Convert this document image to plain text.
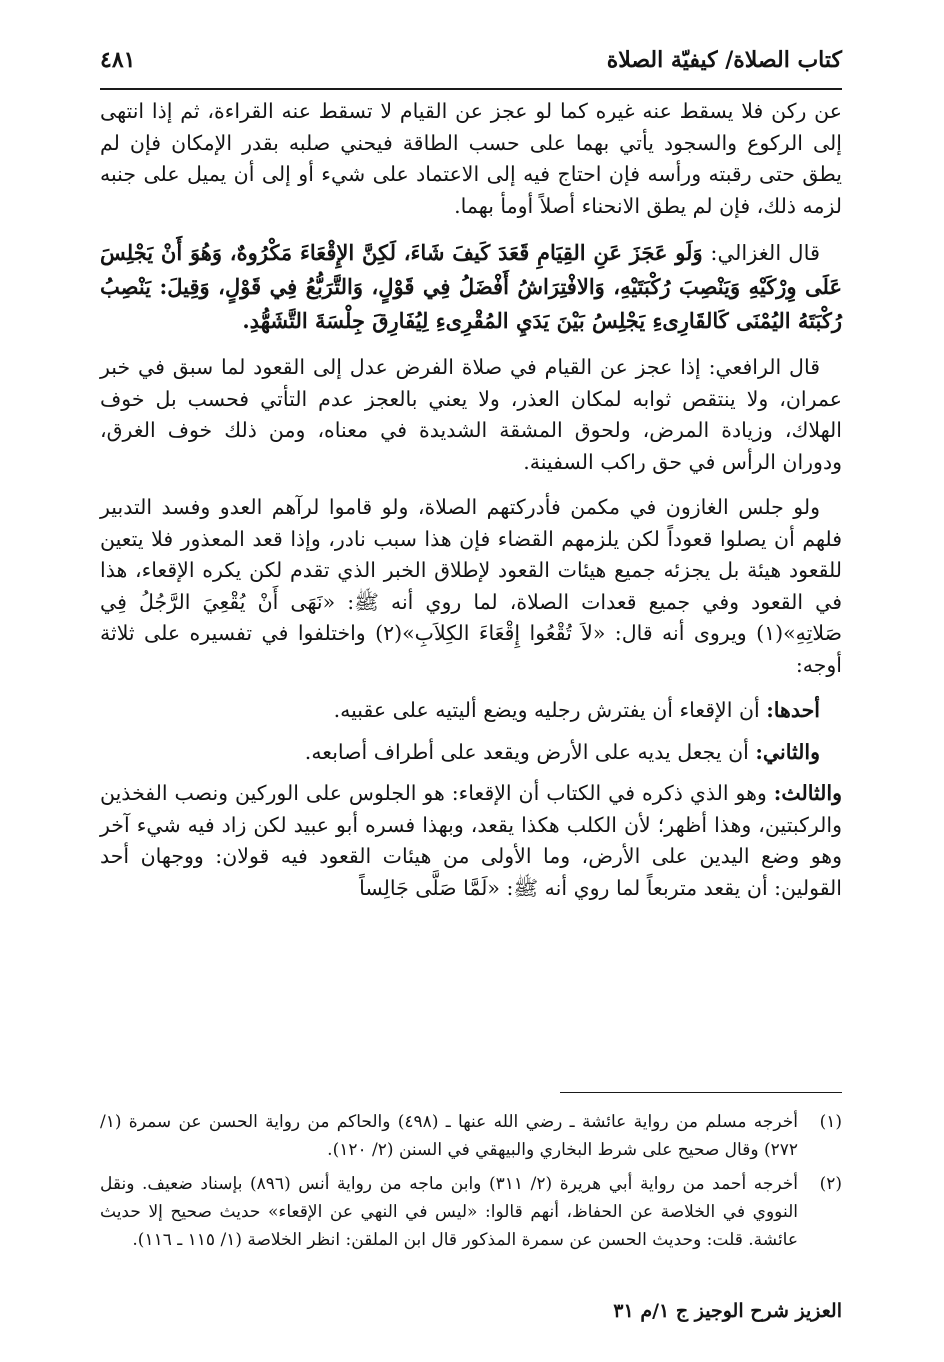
كتاب الصلاة/ كيفيّة الصلاة
٤٨١

عن ركن فلا يسقط عنه غيره كما لو عجز عن القيام لا تسقط عنه القراءة، ثم إذا انتهى إلى الركوع والسجود يأتي بهما على حسب الطاقة فيحني صلبه بقدر الإمكان فإن لم يطق حتى رقبته ورأسه فإن احتاج فيه إلى الاعتماد على شيء أو إلى أن يميل على جنبه لزمه ذلك، فإن لم يطق الانحناء أصلاً أومأ بهما.

قال الغزالي: وَلَو عَجَزَ عَنِ القِيَامِ قَعَدَ كَيفَ شَاءَ، لَكِنَّ الإِقْعَاءَ مَكْرُوهٌ، وَهُوَ أَنْ يَجْلِسَ عَلَى وِرْكَيْهِ وَيَنْصِبَ رُكْبَتَيْهِ، وَالافْتِرَاشُ أَفْضَلُ فِي قَوْلٍ، وَالتَّرَبُّعُ فِي قَوْلٍ، وَقِيلَ: يَنْصِبُ رُكْبَتَهُ اليُمْنَى كَالقَارِىءِ يَجْلِسُ بَيْنَ يَدَيِ المُقْرِىءِ لِيُفَارِقَ جِلْسَةَ التَّشَهُّدِ.

قال الرافعي: إذا عجز عن القيام في صلاة الفرض عدل إلى القعود لما سبق في خبر عمران، ولا ينتقص ثوابه لمكان العذر، ولا يعني بالعجز عدم التأتي فحسب بل خوف الهلاك، وزيادة المرض، ولحوق المشقة الشديدة في معناه، ومن ذلك خوف الغرق، ودوران الرأس في حق راكب السفينة.

ولو جلس الغازون في مكمن فأدركتهم الصلاة، ولو قاموا لرآهم العدو وفسد التدبير فلهم أن يصلوا قعوداً لكن يلزمهم القضاء فإن هذا سبب نادر، وإذا قعد المعذور فلا يتعين للقعود هيئة بل يجزئه جميع هيئات القعود لإطلاق الخبر الذي تقدم لكن يكره الإقعاء، هذا في القعود وفي جميع قعدات الصلاة، لما روي أنه ﷺ: «نَهَى أَنْ يُقْعِيَ الرَّجُلُ فِي صَلاتِهِ»(١) ويروى أنه قال: «لاَ تُقْعُوا إِقْعَاءَ الكِلاَبِ»(٢) واختلفوا في تفسيره على ثلاثة أوجه:

أحدها: أن الإقعاء أن يفترش رجليه ويضع أليتيه على عقبيه.

والثاني: أن يجعل يديه على الأرض ويقعد على أطراف أصابعه.

والثالث: وهو الذي ذكره في الكتاب أن الإقعاء: هو الجلوس على الوركين ونصب الفخذين والركبتين، وهذا أظهر؛ لأن الكلب هكذا يقعد، وبهذا فسره أبو عبيد لكن زاد فيه شيء آخر وهو وضع اليدين على الأرض، وما الأولى من هيئات القعود فيه قولان: ووجهان أحد القولين: أن يقعد متربعاً لما روي أنه ﷺ: «لَمَّا صَلَّى جَالِساً

(١)
أخرجه مسلم من رواية عائشة ـ رضي الله عنها ـ (٤٩٨) والحاكم من رواية الحسن عن سمرة (١/ ٢٧٢) وقال صحيح على شرط البخاري والبيهقي في السنن (٢/ ١٢٠).
(٢)
أخرجه أحمد من رواية أبي هريرة (٢/ ٣١١) وابن ماجه من رواية أنس (٨٩٦) بإسناد ضعيف. ونقل النووي في الخلاصة عن الحفاظ، أنهم قالوا: «ليس في النهي عن الإقعاء» حديث صحيح إلا حديث عائشة. قلت: وحديث الحسن عن سمرة المذكور قال ابن الملقن: انظر الخلاصة (١/ ١١٥ ـ ١١٦).
العزيز شرح الوجيز ج ١/م ٣١
